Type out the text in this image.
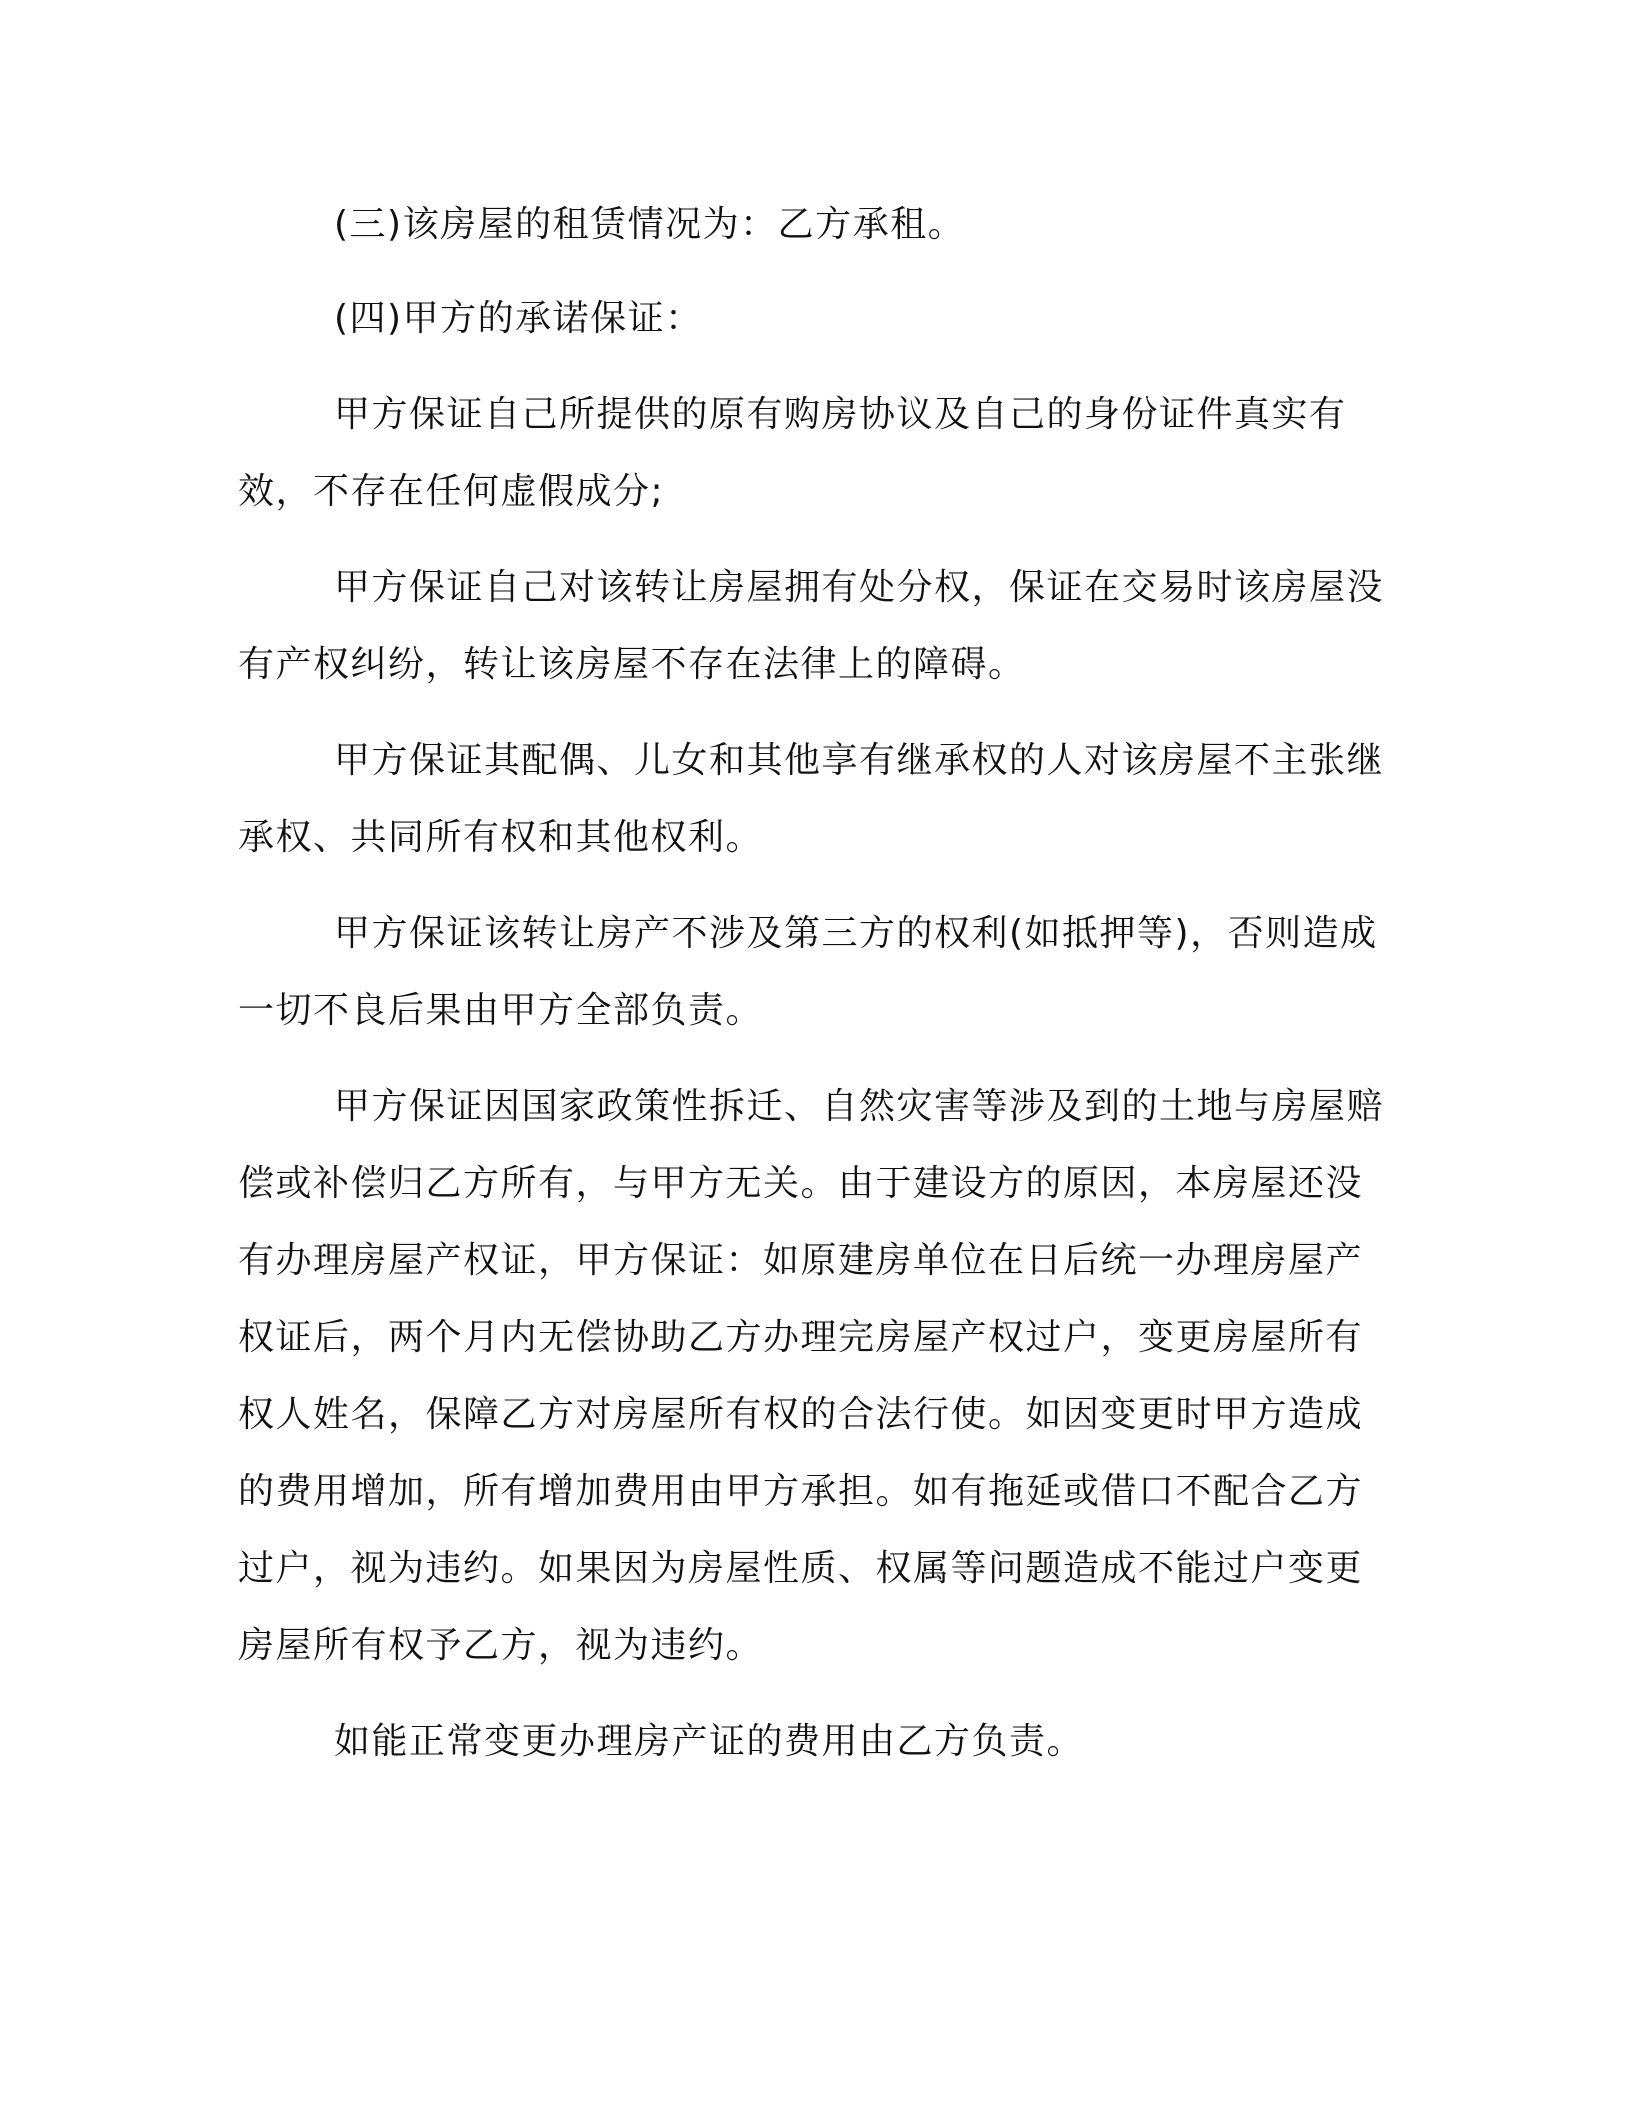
(三)该房屋的租赁情况为：乙方承租。

(四)甲方的承诺保证：

甲方保证自己所提供的原有购房协议及自己的身份证件真实有效，不存在任何虚假成分;

甲方保证自己对该转让房屋拥有处分权，保证在交易时该房屋没有产权纠纷，转让该房屋不存在法律上的障碍。

甲方保证其配偶、儿女和其他享有继承权的人对该房屋不主张继承权、共同所有权和其他权利。

甲方保证该转让房产不涉及第三方的权利(如抵押等)，否则造成一切不良后果由甲方全部负责。

甲方保证因国家政策性拆迁、自然灾害等涉及到的土地与房屋赔偿或补偿归乙方所有，与甲方无关。由于建设方的原因，本房屋还没有办理房屋产权证，甲方保证：如原建房单位在日后统一办理房屋产权证后，两个月内无偿协助乙方办理完房屋产权过户，变更房屋所有权人姓名，保障乙方对房屋所有权的合法行使。如因变更时甲方造成的费用增加，所有增加费用由甲方承担。如有拖延或借口不配合乙方过户，视为违约。如果因为房屋性质、权属等问题造成不能过户变更房屋所有权予乙方，视为违约。

如能正常变更办理房产证的费用由乙方负责。
